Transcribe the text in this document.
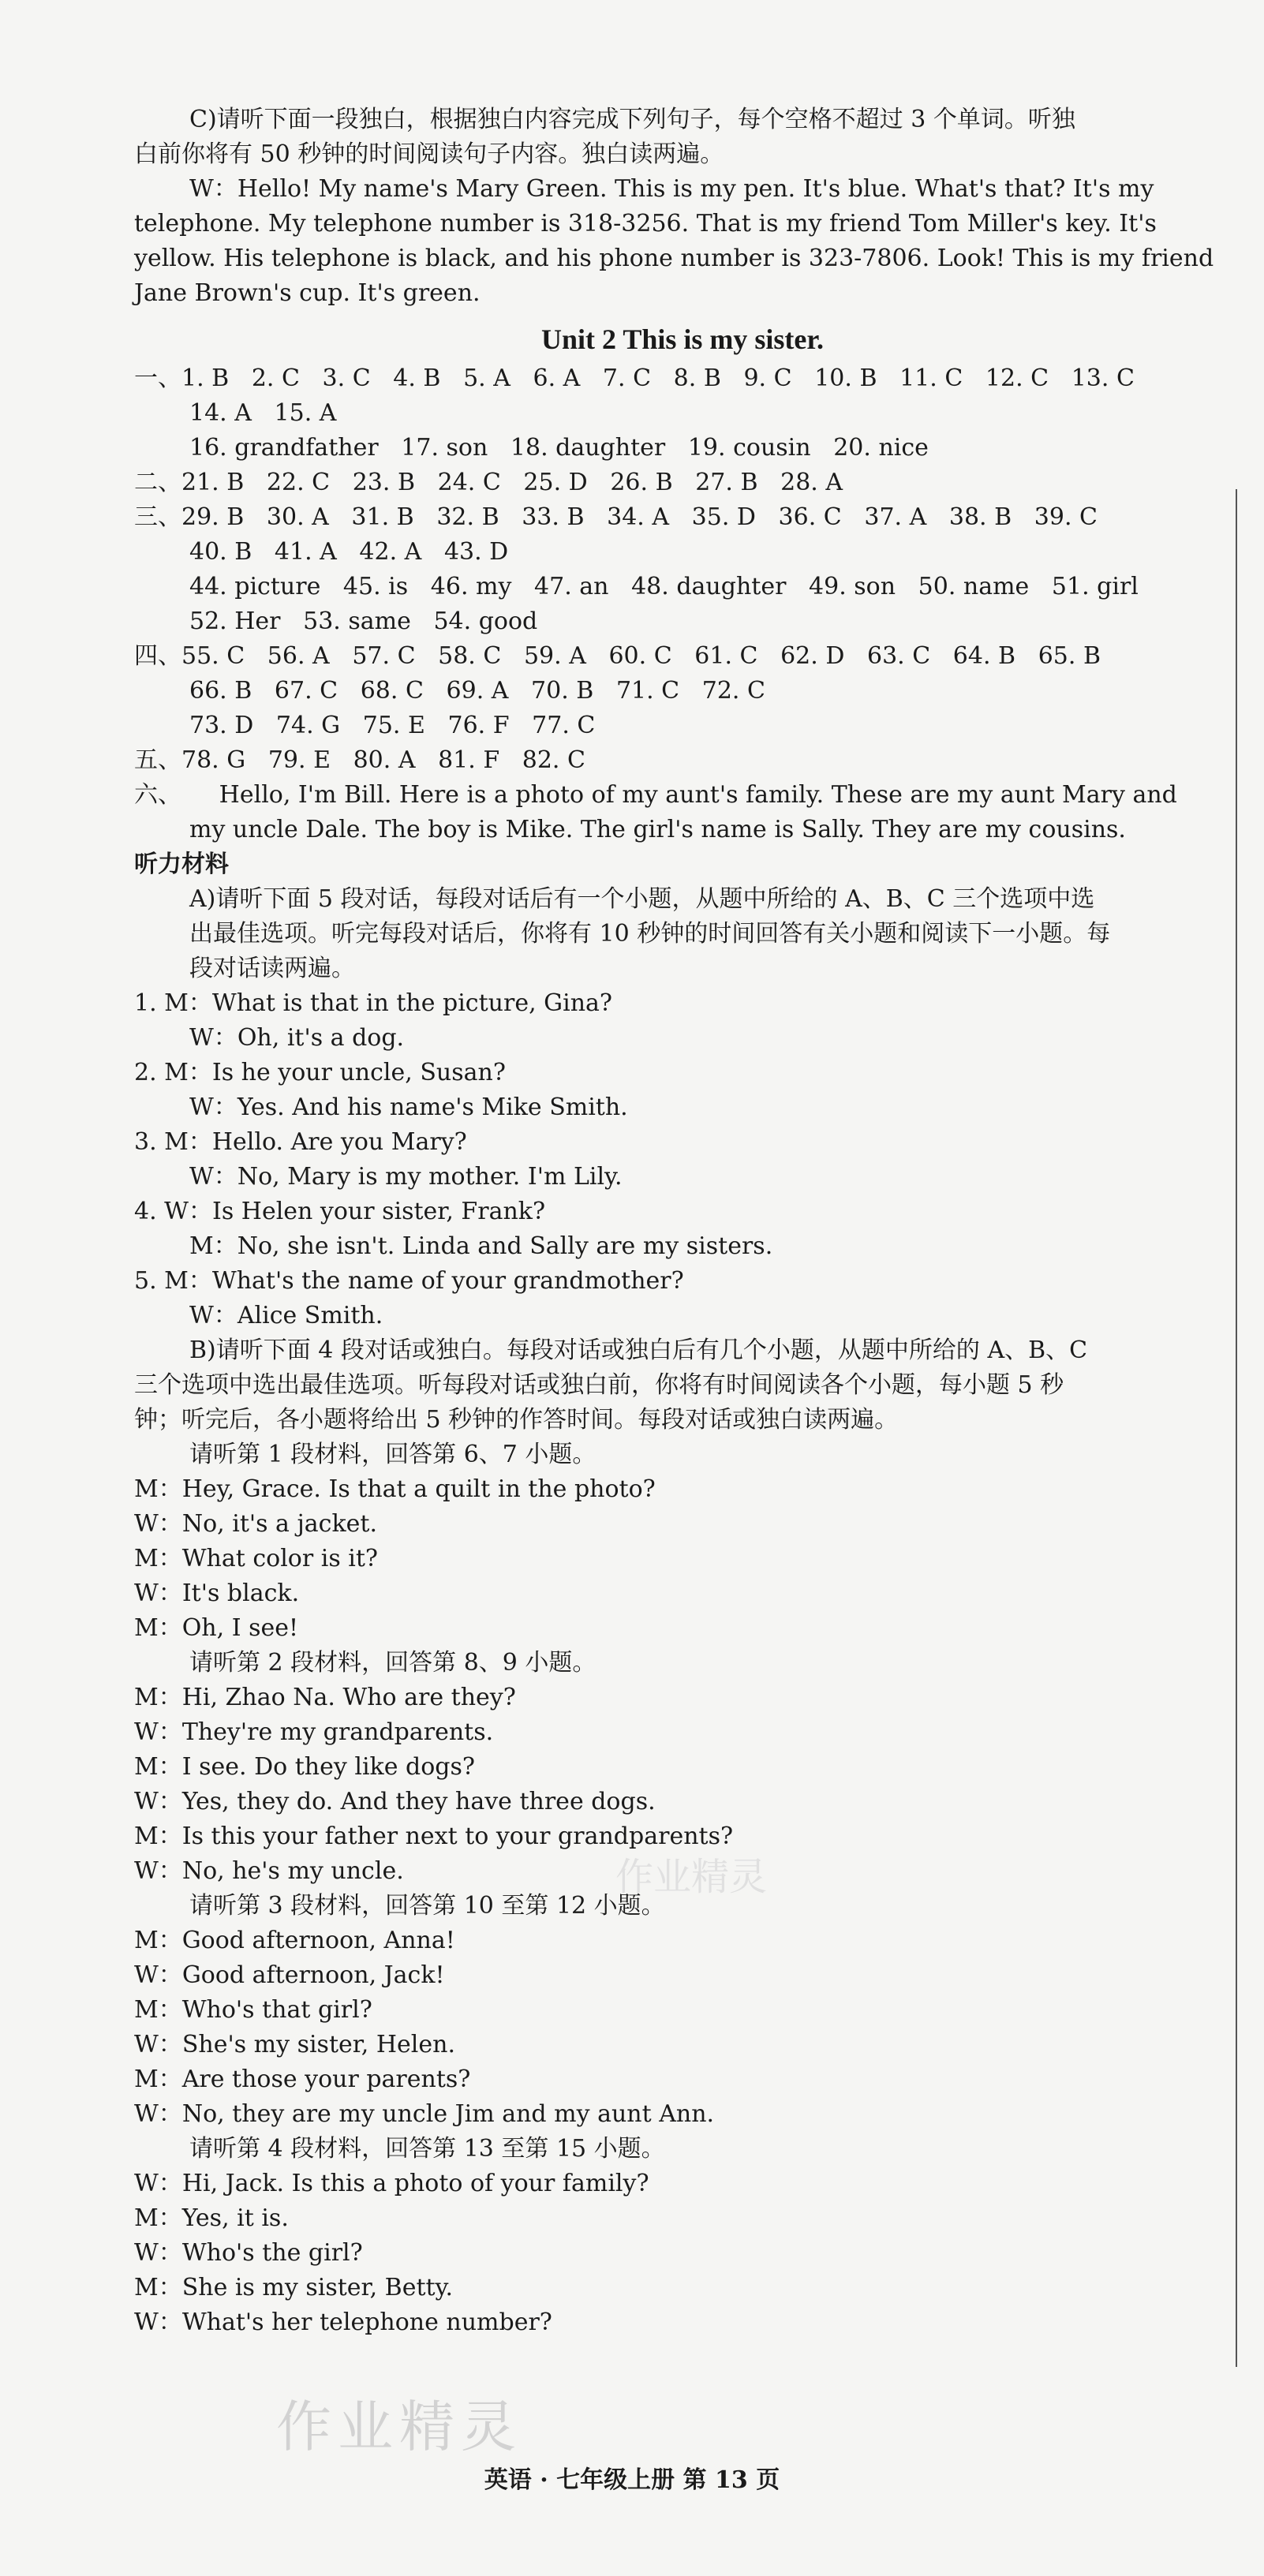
C)请听下面一段独白，根据独白内容完成下列句子，每个空格不超过 3 个单词。听独
白前你将有 50 秒钟的时间阅读句子内容。独白读两遍。
W：Hello! My name's Mary Green. This is my pen. It's blue. What's that? It's my
telephone. My telephone number is 318-3256. That is my friend Tom Miller's key. It's
yellow. His telephone is black, and his phone number is 323-7806. Look! This is my friend
Jane Brown's cup. It's green.
Unit 2 This is my sister.
一、1. B   2. C   3. C   4. B   5. A   6. A   7. C   8. B   9. C   10. B   11. C   12. C   13. C
14. A   15. A
16. grandfather   17. son   18. daughter   19. cousin   20. nice
二、21. B   22. C   23. B   24. C   25. D   26. B   27. B   28. A
三、29. B   30. A   31. B   32. B   33. B   34. A   35. D   36. C   37. A   38. B   39. C
40. B   41. A   42. A   43. D
44. picture   45. is   46. my   47. an   48. daughter   49. son   50. name   51. girl
52. Her   53. same   54. good
四、55. C   56. A   57. C   58. C   59. A   60. C   61. C   62. D   63. C   64. B   65. B
66. B   67. C   68. C   69. A   70. B   71. C   72. C
73. D   74. G   75. E   76. F   77. C
五、78. G   79. E   80. A   81. F   82. C
六、     Hello, I'm Bill. Here is a photo of my aunt's family. These are my aunt Mary and
my uncle Dale. The boy is Mike. The girl's name is Sally. They are my cousins.
听力材料
A)请听下面 5 段对话，每段对话后有一个小题，从题中所给的 A、B、C 三个选项中选
出最佳选项。听完每段对话后，你将有 10 秒钟的时间回答有关小题和阅读下一小题。每
段对话读两遍。
1. M：What is that in the picture, Gina?
W：Oh, it's a dog.
2. M：Is he your uncle, Susan?
W：Yes. And his name's Mike Smith.
3. M：Hello. Are you Mary?
W：No, Mary is my mother. I'm Lily.
4. W：Is Helen your sister, Frank?
M：No, she isn't. Linda and Sally are my sisters.
5. M：What's the name of your grandmother?
W：Alice Smith.
B)请听下面 4 段对话或独白。每段对话或独白后有几个小题，从题中所给的 A、B、C
三个选项中选出最佳选项。听每段对话或独白前，你将有时间阅读各个小题，每小题 5 秒
钟；听完后，各小题将给出 5 秒钟的作答时间。每段对话或独白读两遍。
请听第 1 段材料，回答第 6、7 小题。
M：Hey, Grace. Is that a quilt in the photo?
W：No, it's a jacket.
M：What color is it?
W：It's black.
M：Oh, I see!
请听第 2 段材料，回答第 8、9 小题。
M：Hi, Zhao Na. Who are they?
W：They're my grandparents.
M：I see. Do they like dogs?
W：Yes, they do. And they have three dogs.
M：Is this your father next to your grandparents?
W：No, he's my uncle.
请听第 3 段材料，回答第 10 至第 12 小题。
M：Good afternoon, Anna!
W：Good afternoon, Jack!
M：Who's that girl?
W：She's my sister, Helen.
M：Are those your parents?
W：No, they are my uncle Jim and my aunt Ann.
请听第 4 段材料，回答第 13 至第 15 小题。
W：Hi, Jack. Is this a photo of your family?
M：Yes, it is.
W：Who's the girl?
M：She is my sister, Betty.
W：What's her telephone number?
作业精灵
作业精灵
英语 · 七年级上册 第 13 页
